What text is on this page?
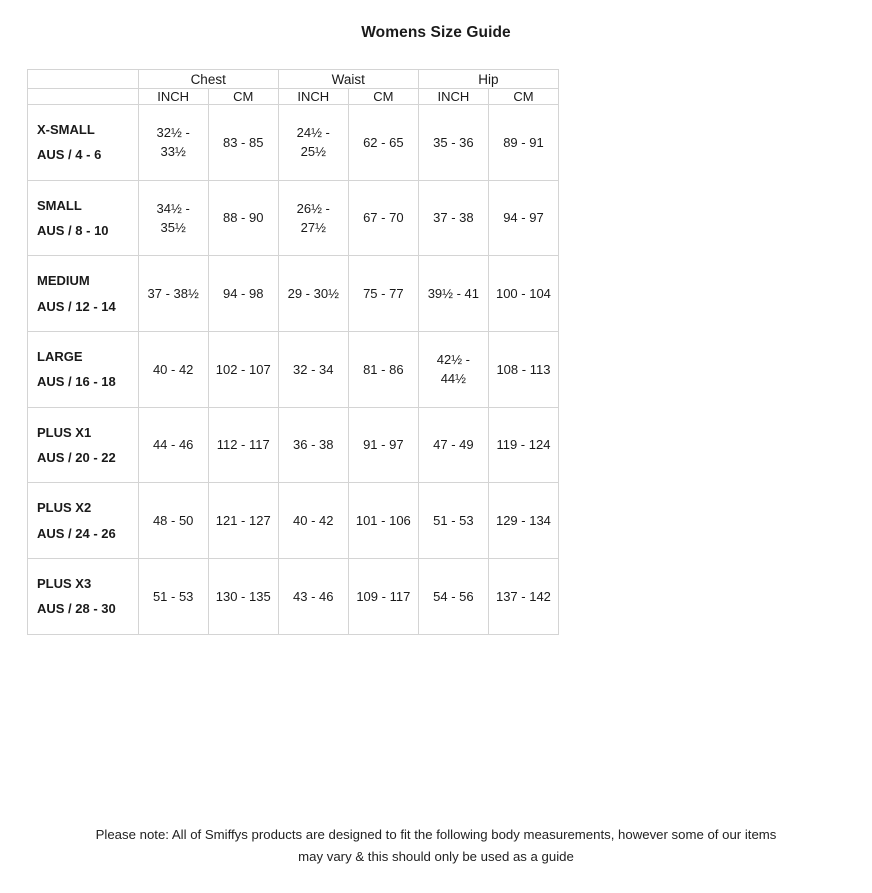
Womens Size Guide
	Chest		Waist		Hip	
	INCH	CM	INCH	CM	INCH	CM

X-SMALL
AUS / 4 - 6	32½ - 33½	83 - 85	24½ - 25½	62 - 65	35 - 36	89 - 91

SMALL
AUS / 8 - 10	34½ - 35½	88 - 90	26½ - 27½	67 - 70	37 - 38	94 - 97

MEDIUM
AUS / 12 - 14	37 - 38½	94 - 98	29 - 30½	75 - 77	39½ - 41	100 - 104

LARGE
AUS / 16 - 18	40 - 42	102 - 107	32 - 34	81 - 86	42½ - 44½	108 - 113

PLUS X1
AUS / 20 - 22	44 - 46	112 - 117	36 - 38	91 - 97	47 - 49	119 - 124

PLUS X2
AUS / 24 - 26	48 - 50	121 - 127	40 - 42	101 - 106	51 - 53	129 - 134

PLUS X3
AUS / 28 - 30	51 - 53	130 - 135	43 - 46	109 - 117	54 - 56	137 - 142
Please note: All of Smiffys products are designed to fit the following body measurements, however some of our items
may vary & this should only be used as a guide
